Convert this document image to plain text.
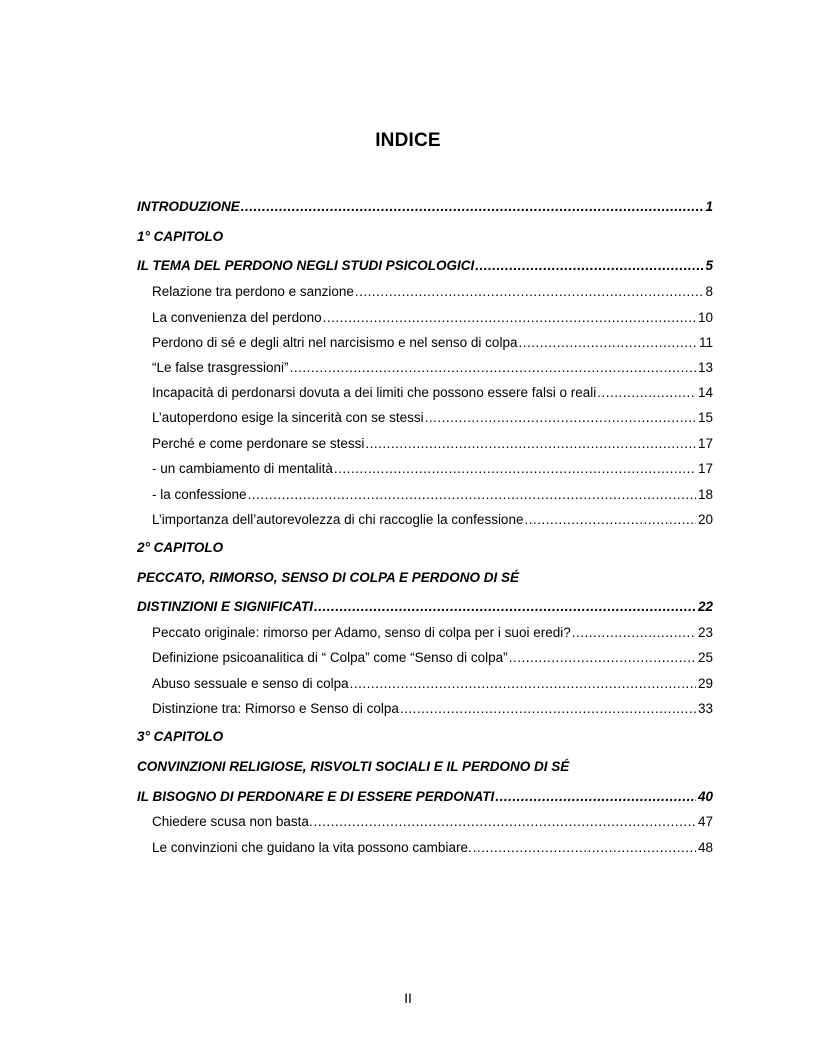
INDICE
INTRODUZIONE .....	1
1° CAPITOLO
IL TEMA DEL PERDONO NEGLI STUDI PSICOLOGICI .....	5
Relazione tra perdono e sanzione .....	8
La convenienza del perdono .....	10
Perdono di sé e degli altri nel narcisismo e nel senso di colpa .....	11
“Le false trasgressioni” .....	13
Incapacità di perdonarsi dovuta a dei limiti che possono essere falsi o reali .....	14
L’autoperdono esige la sincerità con se stessi .....	15
Perché e come perdonare se stessi .....	17
- un cambiamento di mentalità .....	17
- la confessione .....	18
L’importanza dell’autorevolezza di chi raccoglie la confessione .....	20
2° CAPITOLO
PECCATO, RIMORSO, SENSO DI COLPA E PERDONO DI SÉ
DISTINZIONI E SIGNIFICATI .....	22
Peccato originale: rimorso per Adamo, senso di colpa per i suoi eredi? .....	23
Definizione psicoanalitica di “ Colpa” come “Senso di colpa” .....	25
Abuso sessuale e senso di colpa .....	29
Distinzione tra: Rimorso e Senso di colpa .....	33
3° CAPITOLO
CONVINZIONI RELIGIOSE, RISVOLTI SOCIALI E IL PERDONO DI SÉ
IL BISOGNO DI PERDONARE E DI ESSERE PERDONATI .....	40
Chiedere scusa non basta. .....	47
Le convinzioni che guidano la vita possono cambiare. .....	48
II
